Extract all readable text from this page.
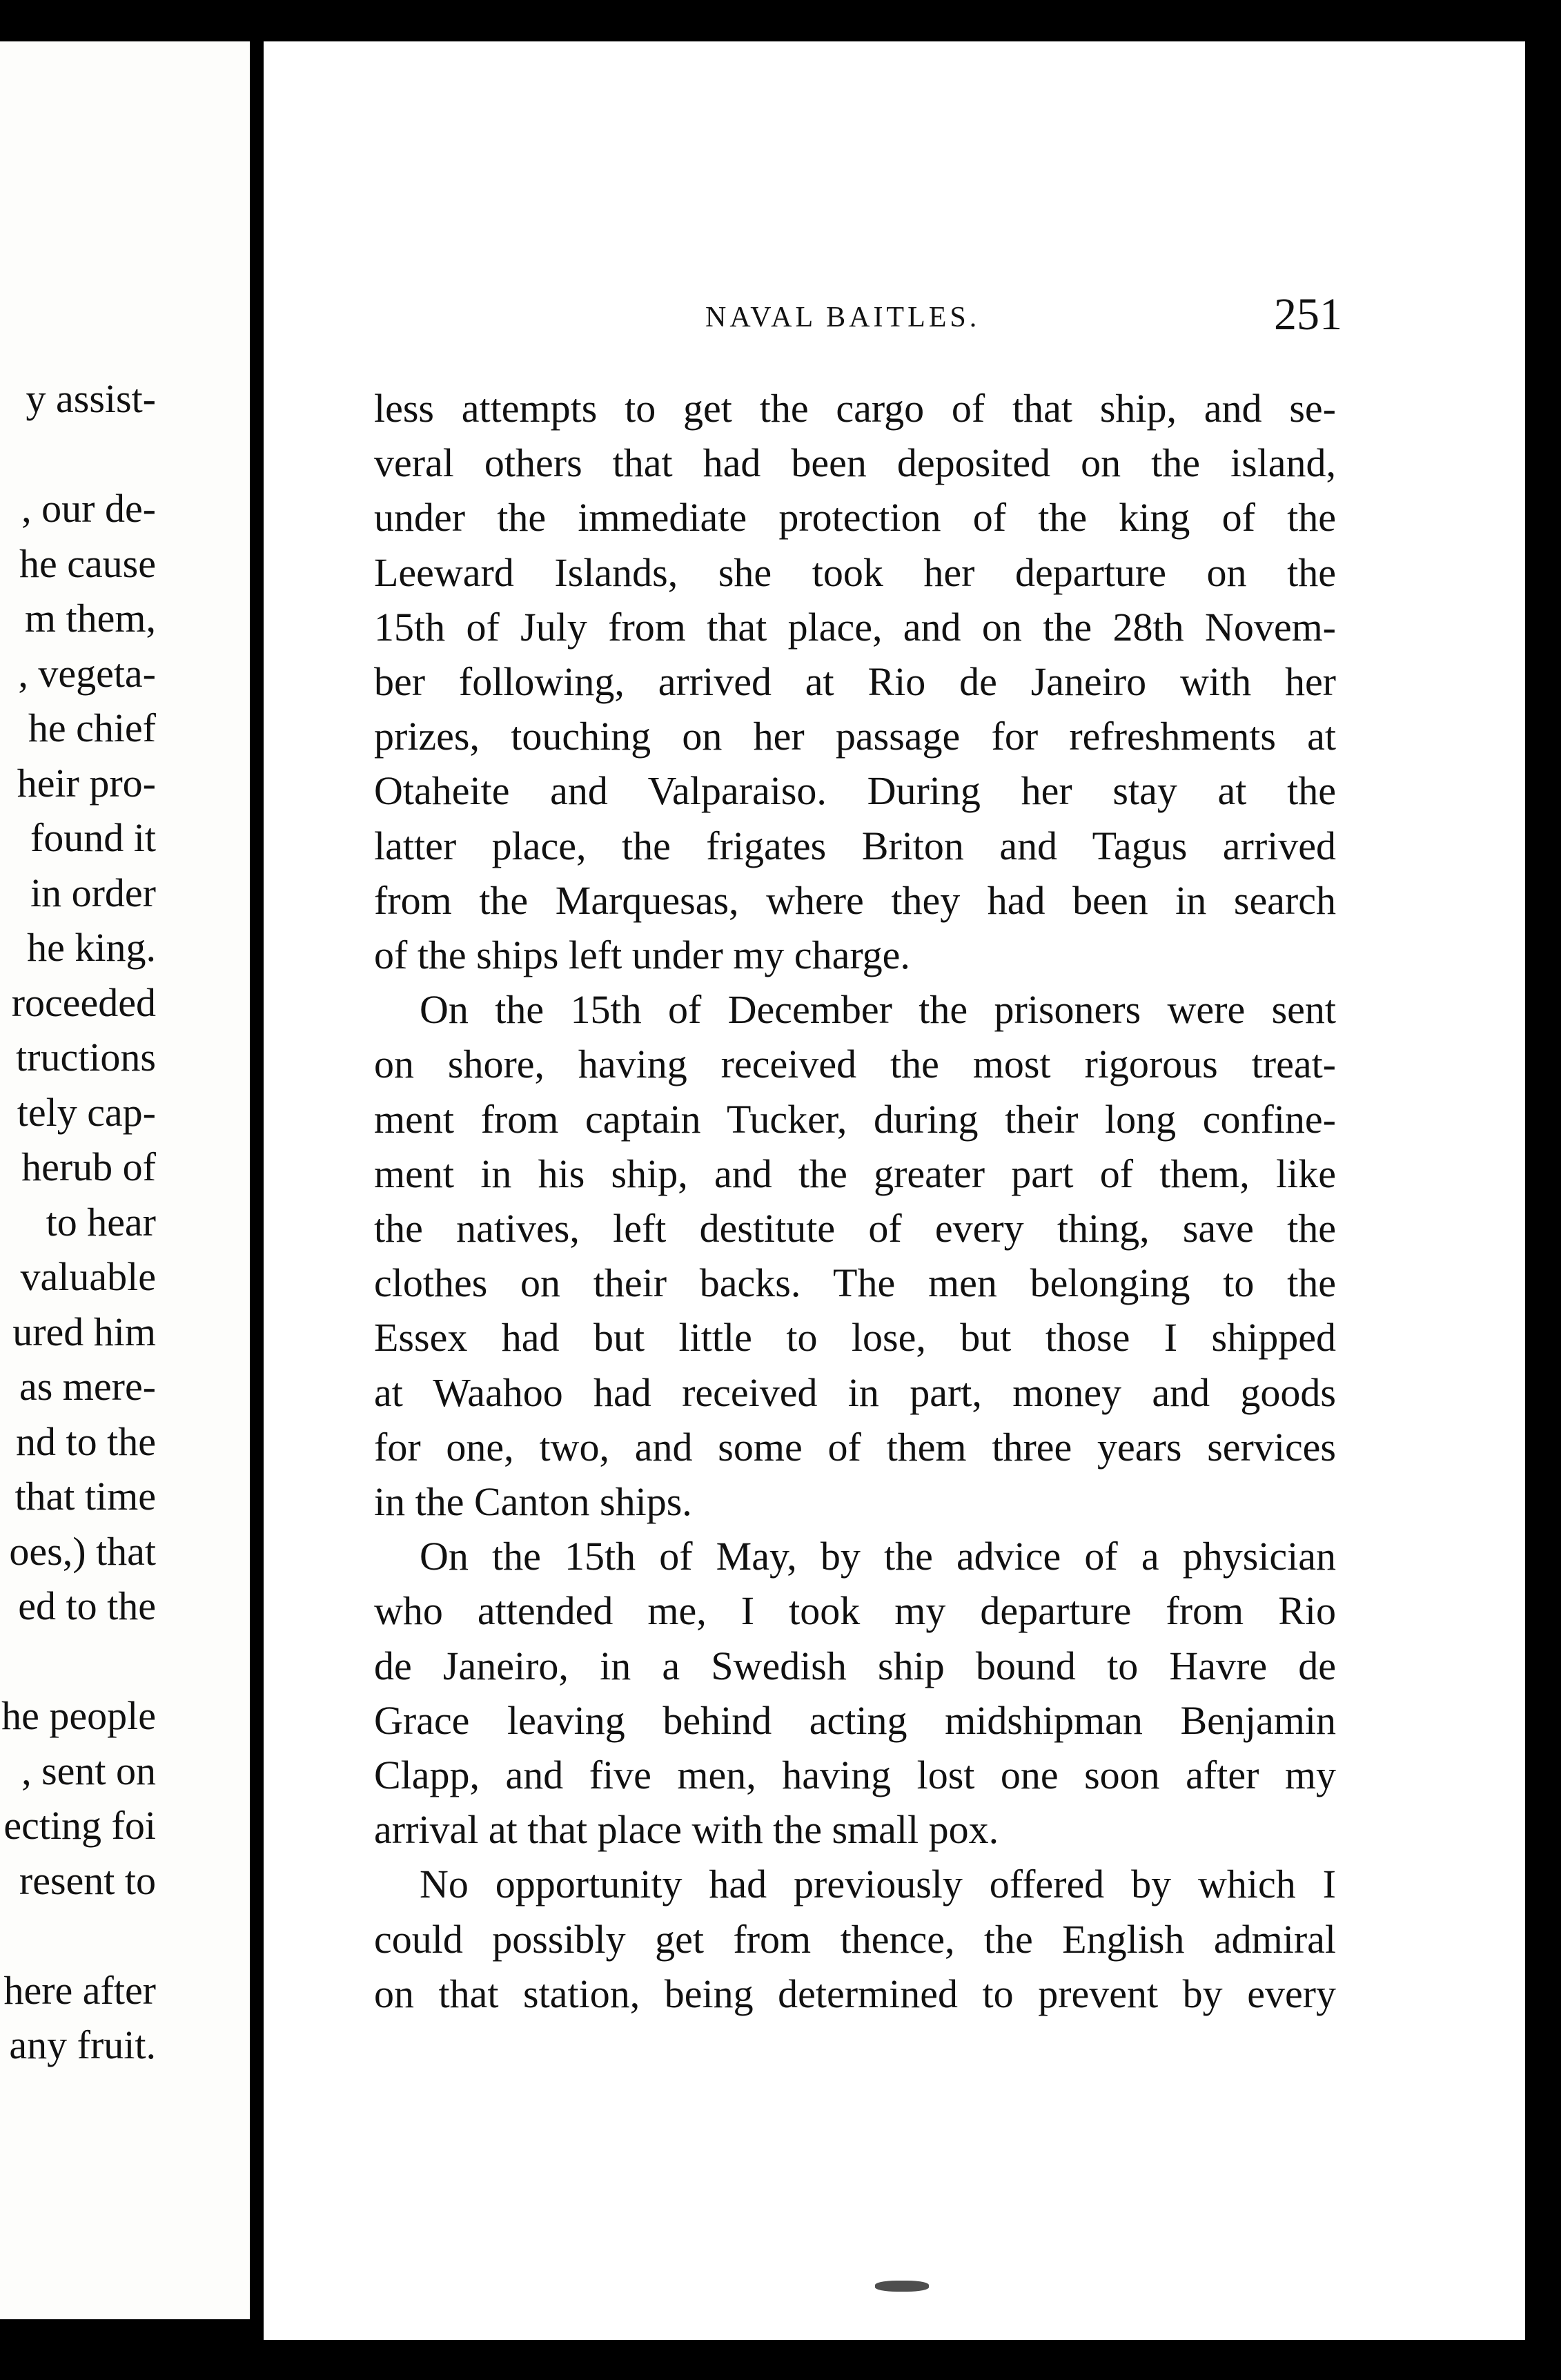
y assist-
, our de-
he cause
m them,
, vegeta-
he chief
heir pro-
found it
in order
he king.
roceeded
tructions
tely cap-
herub of
to hear
valuable
ured him
as mere-
nd to the
that time
oes,) that
ed to the
he people
, sent on
ecting foi
resent to
here after
any fruit.
NAVAL BAITLES.	251
less attempts to get the cargo of that ship, and se-
veral others that had been deposited on the island,
under the immediate protection of the king of the
Leeward Islands, she took her departure on the
15th of July from that place, and on the 28th Novem-
ber following, arrived at Rio de Janeiro with her
prizes, touching on her passage for refreshments at
Otaheite and Valparaiso. During her stay at the
latter place, the frigates Briton and Tagus arrived
from the Marquesas, where they had been in search
of the ships left under my charge.
On the 15th of December the prisoners were sent
on shore, having received the most rigorous treat-
ment from captain Tucker, during their long confine-
ment in his ship, and the greater part of them, like
the natives, left destitute of every thing, save the
clothes on their backs. The men belonging to the
Essex had but little to lose, but those I shipped
at Waahoo had received in part, money and goods
for one, two, and some of them three years services
in the Canton ships.
On the 15th of May, by the advice of a physician
who attended me, I took my departure from Rio
de Janeiro, in a Swedish ship bound to Havre de
Grace leaving behind acting midshipman Benjamin
Clapp, and five men, having lost one soon after my
arrival at that place with the small pox.
No opportunity had previously offered by which I
could possibly get from thence, the English admiral
on that station, being determined to prevent by every
